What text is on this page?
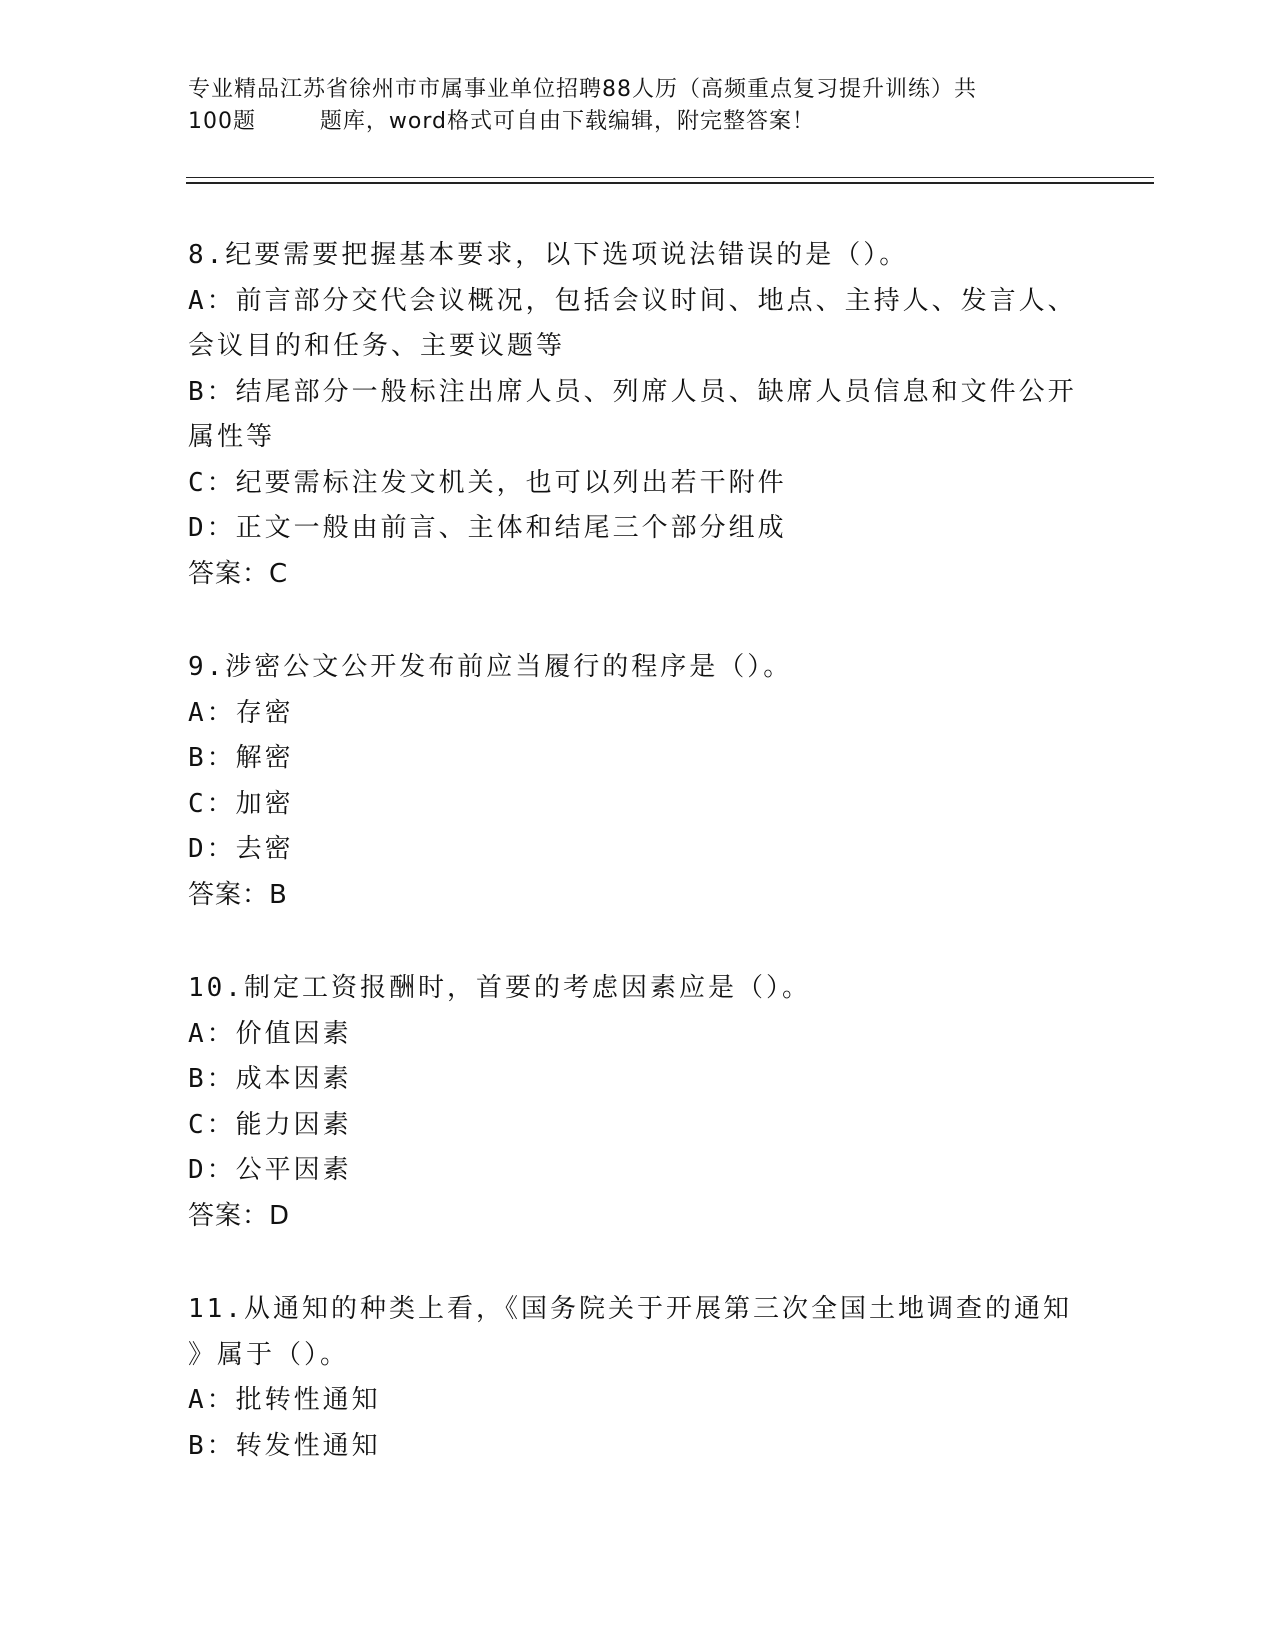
专业精品江苏省徐州市市属事业单位招聘88人历（高频重点复习提升训练）共
100题        题库，word格式可自由下载编辑，附完整答案！
8.纪要需要把握基本要求，以下选项说法错误的是（）。
A：前言部分交代会议概况，包括会议时间、地点、主持人、发言人、
会议目的和任务、主要议题等
B：结尾部分一般标注出席人员、列席人员、缺席人员信息和文件公开
属性等
C：纪要需标注发文机关，也可以列出若干附件
D：正文一般由前言、主体和结尾三个部分组成
答案：C
9.涉密公文公开发布前应当履行的程序是（）。
A：存密
B：解密
C：加密
D：去密
答案：B
10.制定工资报酬时，首要的考虑因素应是（）。
A：价值因素
B：成本因素
C：能力因素
D：公平因素
答案：D
11.从通知的种类上看，《国务院关于开展第三次全国土地调查的通知
》属于（）。
A：批转性通知
B：转发性通知
